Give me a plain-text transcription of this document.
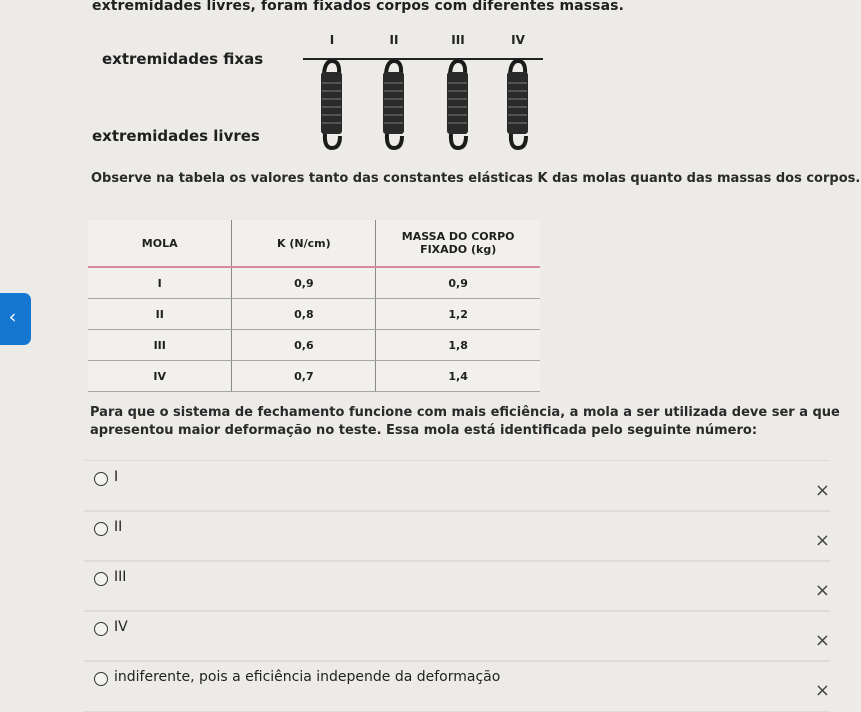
extremidades livres, foram fixados corpos com diferentes massas.
extremidades fixas
extremidades livres
I	II	III	IV
Observe na tabela os valores tanto das constantes elásticas K das molas quanto das massas dos corpos.
MOLA	K (N/cm)	MASSA DO CORPO
FIXADO (kg)

I	0,9	0,9
II	0,8	1,2
III	0,6	1,8
IV	0,7	1,4
‹
Para que o sistema de fechamento funcione com mais eficiência, a mola a ser utilizada deve ser a que apresentou maior deformação no teste. Essa mola está identificada pelo seguinte número:
I
×
II
×
III
×
IV
×
indiferente, pois a eficiência independe da deformação
×
